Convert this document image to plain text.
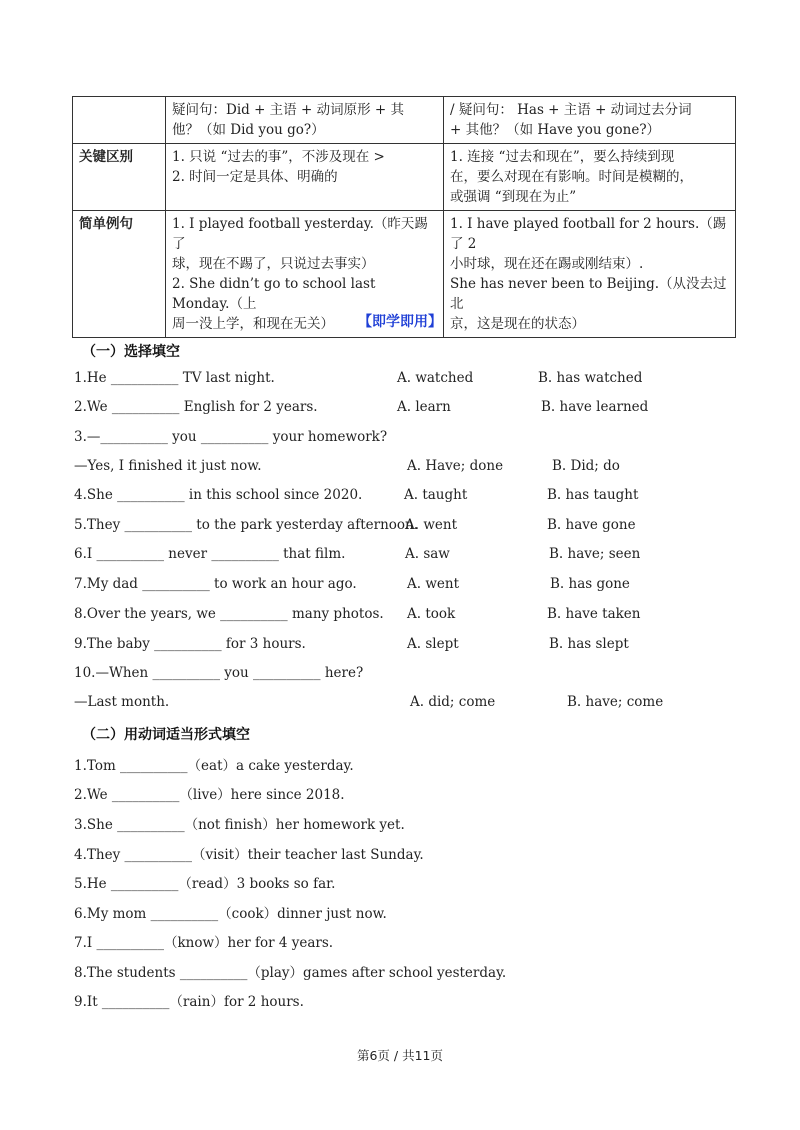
	疑问句：Did + 主语 + 动词原形 + 其
他？（如 Did you go?）	/ 疑问句： Has + 主语 + 动词过去分词
+ 其他？（如 Have you gone?）

关键区别	1. 只说 “过去的事”，不涉及现在 >
2. 时间一定是具体、明确的	1. 连接 “过去和现在”，要么持续到现
在，要么对现在有影响。时间是模糊的，
或强调 “到现在为止”

简单例句	1. I played football yesterday.（昨天踢了
球，现在不踢了，只说过去事实）
2. She didn’t go to school last Monday.（上
周一没上学，和现在无关）	1. I have played football for 2 hours.（踢了 2
小时球，现在还在踢或刚结束）.
She has never been to Beijing.（从没去过北
京，这是现在的状态）
【即学即用】
（一）选择填空
1.He __________ TV last night.	A. watched	B. has watched
2.We __________ English for 2 years.	A. learn	B. have learned
3.—__________ you __________ your homework?
—Yes, I finished it just now.	A. Have; done	B. Did; do
4.She __________ in this school since 2020.	A. taught	B. has taught
5.They __________ to the park yesterday afternoon.
A. went	B. have gone
6.I __________ never __________ that film.	A. saw	B. have; seen
7.My dad __________ to work an hour ago.	A. went	B. has gone
8.Over the years, we __________ many photos. A. took	B. have taken
9.The baby __________ for 3 hours.	A. slept	B. has slept
10.—When __________ you __________ here?
—Last month.	A. did; come	B. have; come
（二）用动词适当形式填空
1.Tom __________（eat）a cake yesterday.
2.We __________（live）here since 2018.
3.She __________（not finish）her homework yet.
4.They __________（visit）their teacher last Sunday.
5.He __________（read）3 books so far.
6.My mom __________（cook）dinner just now.
7.I __________（know）her for 4 years.
8.The students __________（play）games after school yesterday.
9.It __________（rain）for 2 hours.
第6页 / 共11页
